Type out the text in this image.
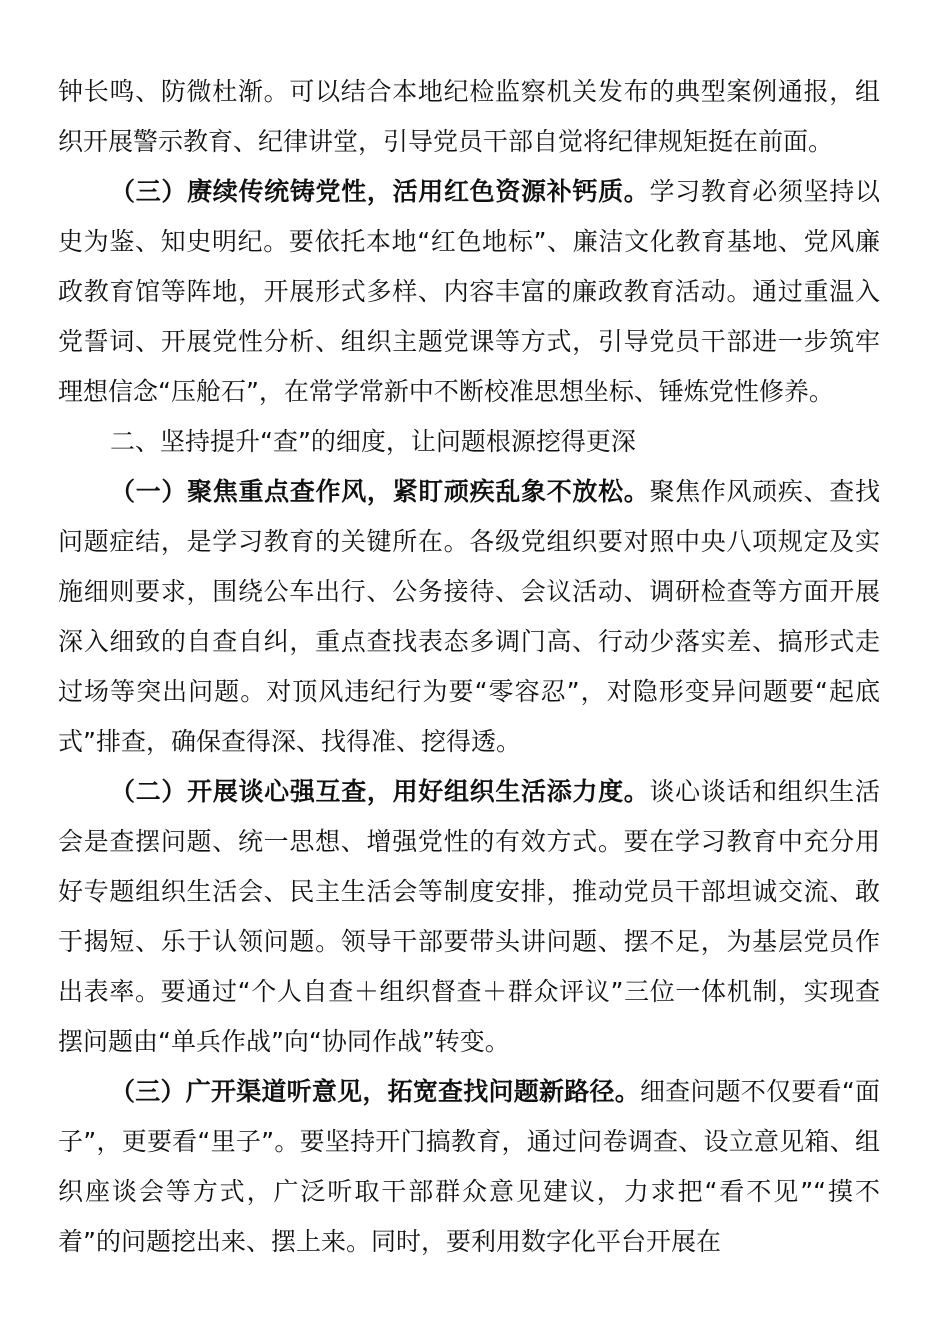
钟长鸣、防微杜渐。可以结合本地纪检监察机关发布的典型案例通报，组织开展警示教育、纪律讲堂，引导党员干部自觉将纪律规矩挺在前面。

（三）赓续传统铸党性，活用红色资源补钙质。学习教育必须坚持以史为鉴、知史明纪。要依托本地“红色地标”、廉洁文化教育基地、党风廉政教育馆等阵地，开展形式多样、内容丰富的廉政教育活动。通过重温入党誓词、开展党性分析、组织主题党课等方式，引导党员干部进一步筑牢理想信念“压舱石”，在常学常新中不断校准思想坐标、锤炼党性修养。

二、坚持提升“查”的细度，让问题根源挖得更深

（一）聚焦重点查作风，紧盯顽疾乱象不放松。聚焦作风顽疾、查找问题症结，是学习教育的关键所在。各级党组织要对照中央八项规定及实施细则要求，围绕公车出行、公务接待、会议活动、调研检查等方面开展深入细致的自查自纠，重点查找表态多调门高、行动少落实差、搞形式走过场等突出问题。对顶风违纪行为要“零容忍”，对隐形变异问题要“起底式”排查，确保查得深、找得准、挖得透。

（二）开展谈心强互查，用好组织生活添力度。谈心谈话和组织生活会是查摆问题、统一思想、增强党性的有效方式。要在学习教育中充分用好专题组织生活会、民主生活会等制度安排，推动党员干部坦诚交流、敢于揭短、乐于认领问题。领导干部要带头讲问题、摆不足，为基层党员作出表率。要通过“个人自查＋组织督查＋群众评议”三位一体机制，实现查摆问题由“单兵作战”向“协同作战”转变。

（三）广开渠道听意见，拓宽查找问题新路径。细查问题不仅要看“面子”，更要看“里子”。要坚持开门搞教育，通过问卷调查、设立意见箱、组织座谈会等方式，广泛听取干部群众意见建议，力求把“看不见”“摸不着”的问题挖出来、摆上来。同时，要利用数字化平台开展在
